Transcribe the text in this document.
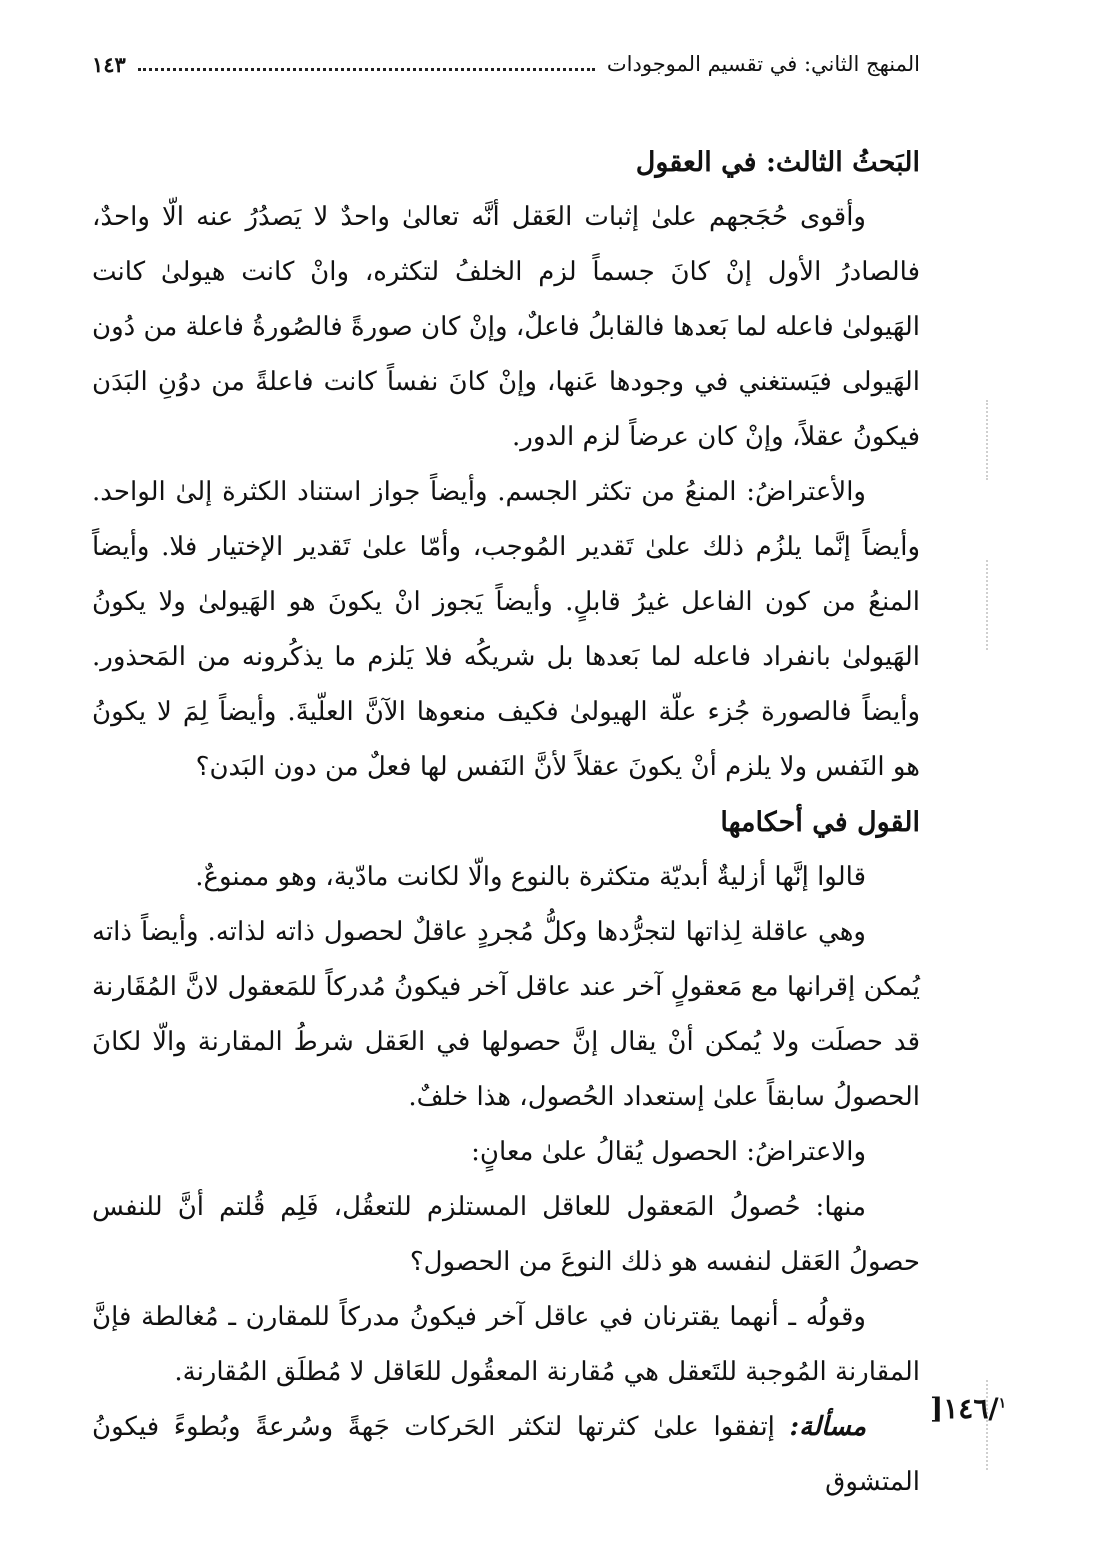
المنهج الثاني: في تقسيم الموجودات
١٤٣
البَحثُ الثالث: في العقول

وأقوى حُجَجهم علىٰ إثبات العَقل أنَّه تعالىٰ واحدٌ لا يَصدُرُ عنه الّا واحدٌ، فالصادرُ الأول إنْ كانَ جسماً لزم الخلفُ لتكثره، وانْ كانت هيولىٰ كانت الهَيولىٰ فاعله لما بَعدها فالقابلُ فاعلٌ، وإنْ كان صورةً فالصُورةُ فاعلة من دُون الهَيولى فيَستغني في وجودها عَنها، وإنْ كانَ نفساً كانت فاعلةً من دوُنِ البَدَن فيكونُ عقلاً، وإنْ كان عرضاً لزم الدور.

والأعتراضُ: المنعُ من تكثر الجسم. وأيضاً جواز استناد الكثرة إلىٰ الواحد. وأيضاً إنَّما يلزُم ذلك علىٰ تَقدير المُوجب، وأمّا علىٰ تَقدير الإختيار فلا. وأيضاً المنعُ من كون الفاعل غيرُ قابلٍ. وأيضاً يَجوز انْ يكونَ هو الهَيولىٰ ولا يكونُ الهَيولىٰ بانفراد فاعله لما بَعدها بل شريكُه فلا يَلزم ما يذكُرونه من المَحذور. وأيضاً فالصورة جُزء علّة الهيولىٰ فكيف منعوها الآنَّ العلّيةَ. وأيضاً لِمَ لا يكونُ هو النَفس ولا يلزم أنْ يكونَ عقلاً لأنَّ النَفس لها فعلٌ من دون البَدن؟

القول في أحكامها

قالوا إنَّها أزليةٌ أبديّة متكثرة بالنوع والّا لكانت مادّية، وهو ممنوعٌ.

وهي عاقلة لِذاتها لتجرُّدها وكلُّ مُجردٍ عاقلٌ لحصول ذاته لذاته. وأيضاً ذاته يُمكن إقرانها مع مَعقولٍ آخر عند عاقل آخر فيكونُ مُدركاً للمَعقول لانَّ المُقَارنة قد حصلَت ولا يُمكن أنْ يقال إنَّ حصولها في العَقل شرطُ المقارنة والّا لكانَ الحصولُ سابقاً علىٰ إستعداد الحُصول، هذا خلفٌ.

والاعتراضُ: الحصول يُقالُ علىٰ معانٍ:

منها: حُصولُ المَعقول للعاقل المستلزم للتعقُل، فَلِم قُلتم أنَّ للنفس حصولُ العَقل لنفسه هو ذلك النوعَ من الحصول؟

وقولُه ـ أنهما يقترنان في عاقل آخر فيكونُ مدركاً للمقارن ـ مُغالطة فإنَّ المقارنة المُوجبة للتَعقل هي مُقارنة المعقُول للعَاقل لا مُطلَق المُقارنة.

مسألة: إتفقوا علىٰ كثرتها لتكثر الحَركات جَهةً وسُرعةً وبُطوءً فيكونُ المتشوق

]١٤٦/$^١$
